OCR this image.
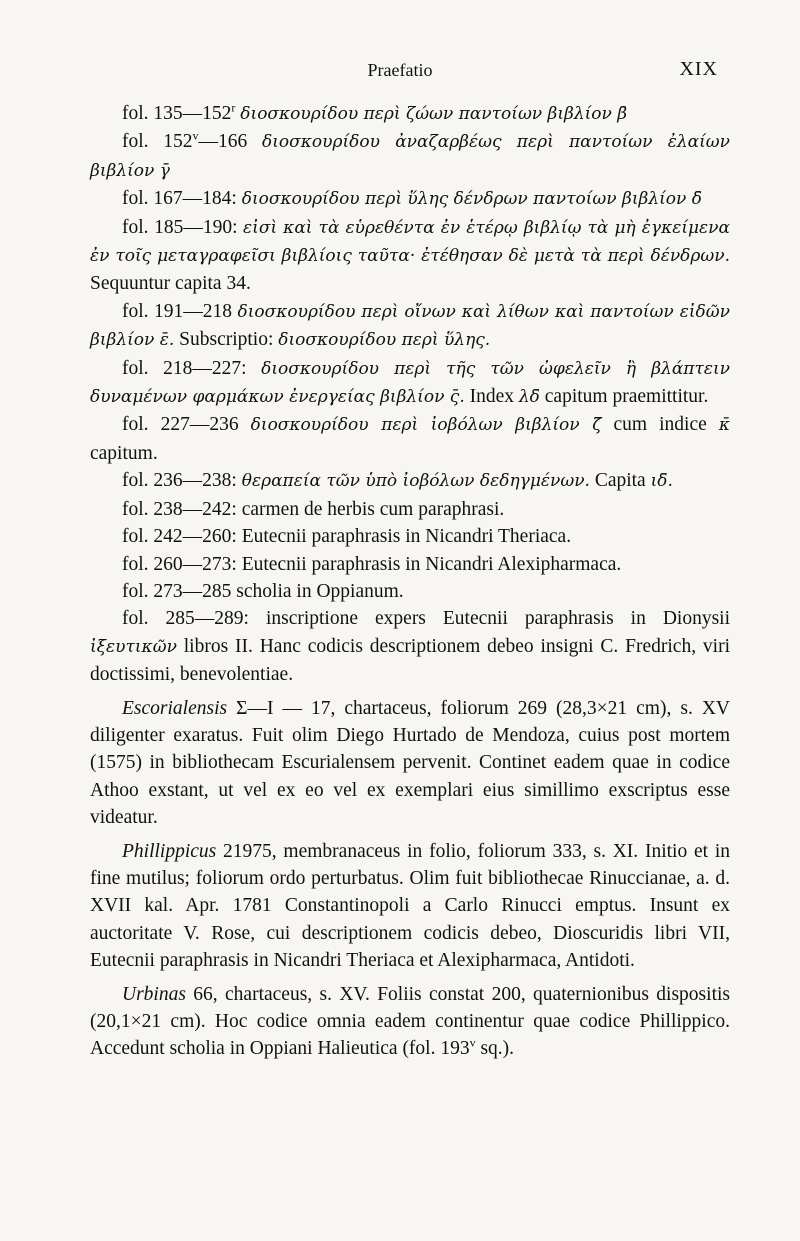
Praefatio	XIX

fol. 135—152$^r$ διοσκουρίδου περὶ ζώων παντοίων βιβλίον β̄

fol. 152$^v$—166 διοσκουρίδου ἀναζαρβέως περὶ παντοίων ἐλαίων βιβλίον γ̄

fol. 167—184: διοσκουρίδου περὶ ὕλης δένδρων παντοίων βιβλίον δ̄

fol. 185—190: εἰσὶ καὶ τὰ εὑρεθέντα ἐν ἑτέρῳ βιβλίῳ τὰ μὴ ἐγκείμενα ἐν τοῖς μεταγραφεῖσι βιβλίοις ταῦτα· ἐτέθησαν δὲ μετὰ τὰ περὶ δένδρων. Sequuntur capita 34.

fol. 191—218 διοσκουρίδου περὶ οἴνων καὶ λίθων καὶ παντοίων εἰδῶν βιβλίον ε̄. Subscriptio: διοσκουρίδου περὶ ὕλης.

fol. 218—227: διοσκουρίδου περὶ τῆς τῶν ὠφελεῖν ἢ βλάπτειν δυναμένων φαρμάκων ἐνεργείας βιβλίον ς̄. Index λδ̄ capitum praemittitur.

fol. 227—236 διοσκουρίδου περὶ ἰοβόλων βιβλίον ζ̄ cum indice κ̄ capitum.

fol. 236—238: θεραπεία τῶν ὑπὸ ἰοβόλων δεδηγμένων. Capita ιδ̄.

fol. 238—242: carmen de herbis cum paraphrasi.

fol. 242—260: Eutecnii paraphrasis in Nicandri Theriaca.

fol. 260—273: Eutecnii paraphrasis in Nicandri Alexipharmaca.

fol. 273—285 scholia in Oppianum.

fol. 285—289: inscriptione expers Eutecnii paraphrasis in Dionysii ἰξευτικῶν libros II. Hanc codicis descriptionem debeo insigni C. Fredrich, viri doctissimi, benevolentiae.

Escorialensis Σ—I — 17, chartaceus, foliorum 269 (28,3×21 cm), s. XV diligenter exaratus. Fuit olim Diego Hurtado de Mendoza, cuius post mortem (1575) in bibliothecam Escurialensem pervenit. Continet eadem quae in codice Athoo exstant, ut vel ex eo vel ex exemplari eius simillimo exscriptus esse videatur.

Phillippicus 21975, membranaceus in folio, foliorum 333, s. XI. Initio et in fine mutilus; foliorum ordo perturbatus. Olim fuit bibliothecae Rinuccianae, a. d. XVII kal. Apr. 1781 Constantinopoli a Carlo Rinucci emptus. Insunt ex auctoritate V. Rose, cui descriptionem codicis debeo, Dioscuridis libri VII, Eutecnii paraphrasis in Nicandri Theriaca et Alexipharmaca, Antidoti.

Urbinas 66, chartaceus, s. XV. Foliis constat 200, quaternionibus dispositis (20,1×21 cm). Hoc codice omnia eadem continentur quae codice Phillippico. Accedunt scholia in Oppiani Halieutica (fol. 193$^v$ sq.).
